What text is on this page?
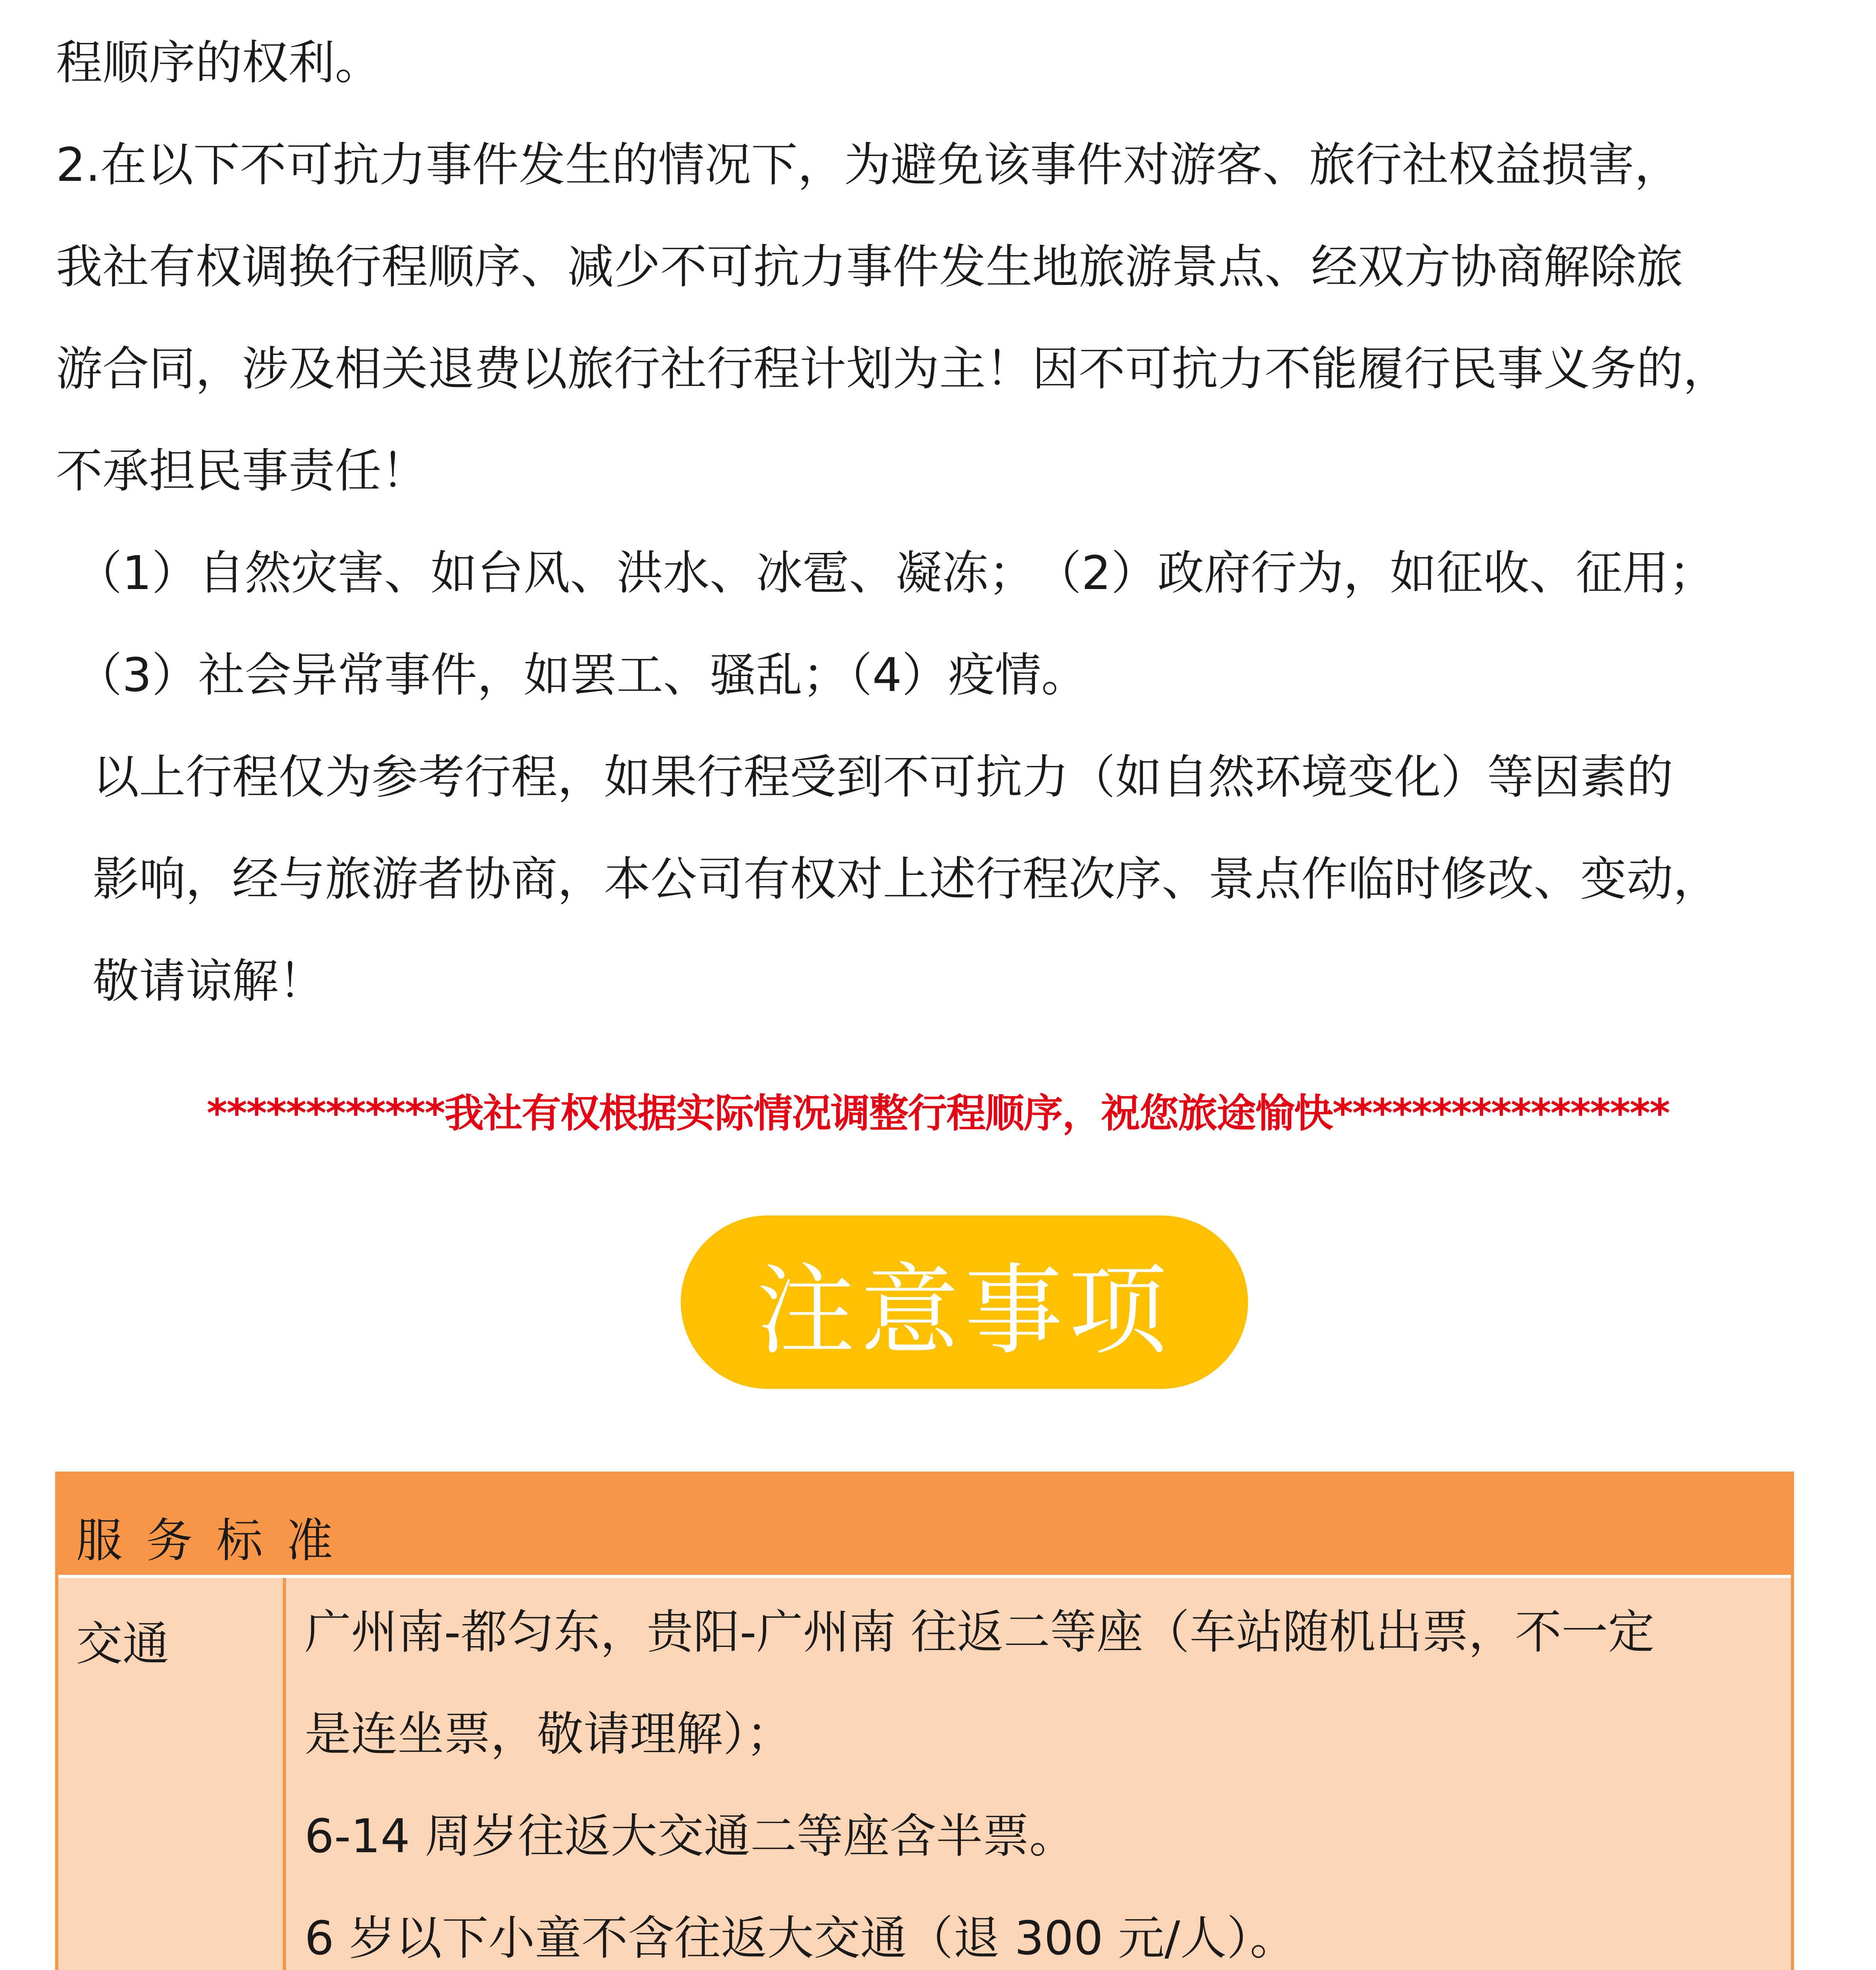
程顺序的权利。
2.在以下不可抗力事件发生的情况下，为避免该事件对游客、旅行社权益损害，
我社有权调换行程顺序、减少不可抗力事件发生地旅游景点、经双方协商解除旅
游合同，涉及相关退费以旅行社行程计划为主！因不可抗力不能履行民事义务的，
不承担民事责任！
（1）自然灾害、如台风、洪水、冰雹、凝冻；　（2）政府行为，如征收、征用；
（3）社会异常事件，如罢工、骚乱；（4）疫情。
以上行程仅为参考行程，如果行程受到不可抗力（如自然环境变化）等因素的
影响，经与旅游者协商，本公司有权对上述行程次序、景点作临时修改、变动，
敬请谅解！
************我社有权根据实际情况调整行程顺序，祝您旅途愉快*****************
注意事项
服务标准
交通	广州南-都匀东，贵阳-广州南 往返二等座（车站随机出票，不一定
是连坐票，敬请理解）；
6-14 周岁往返大交通二等座含半票。
6 岁以下小童不含往返大交通（退 300 元/人）。
